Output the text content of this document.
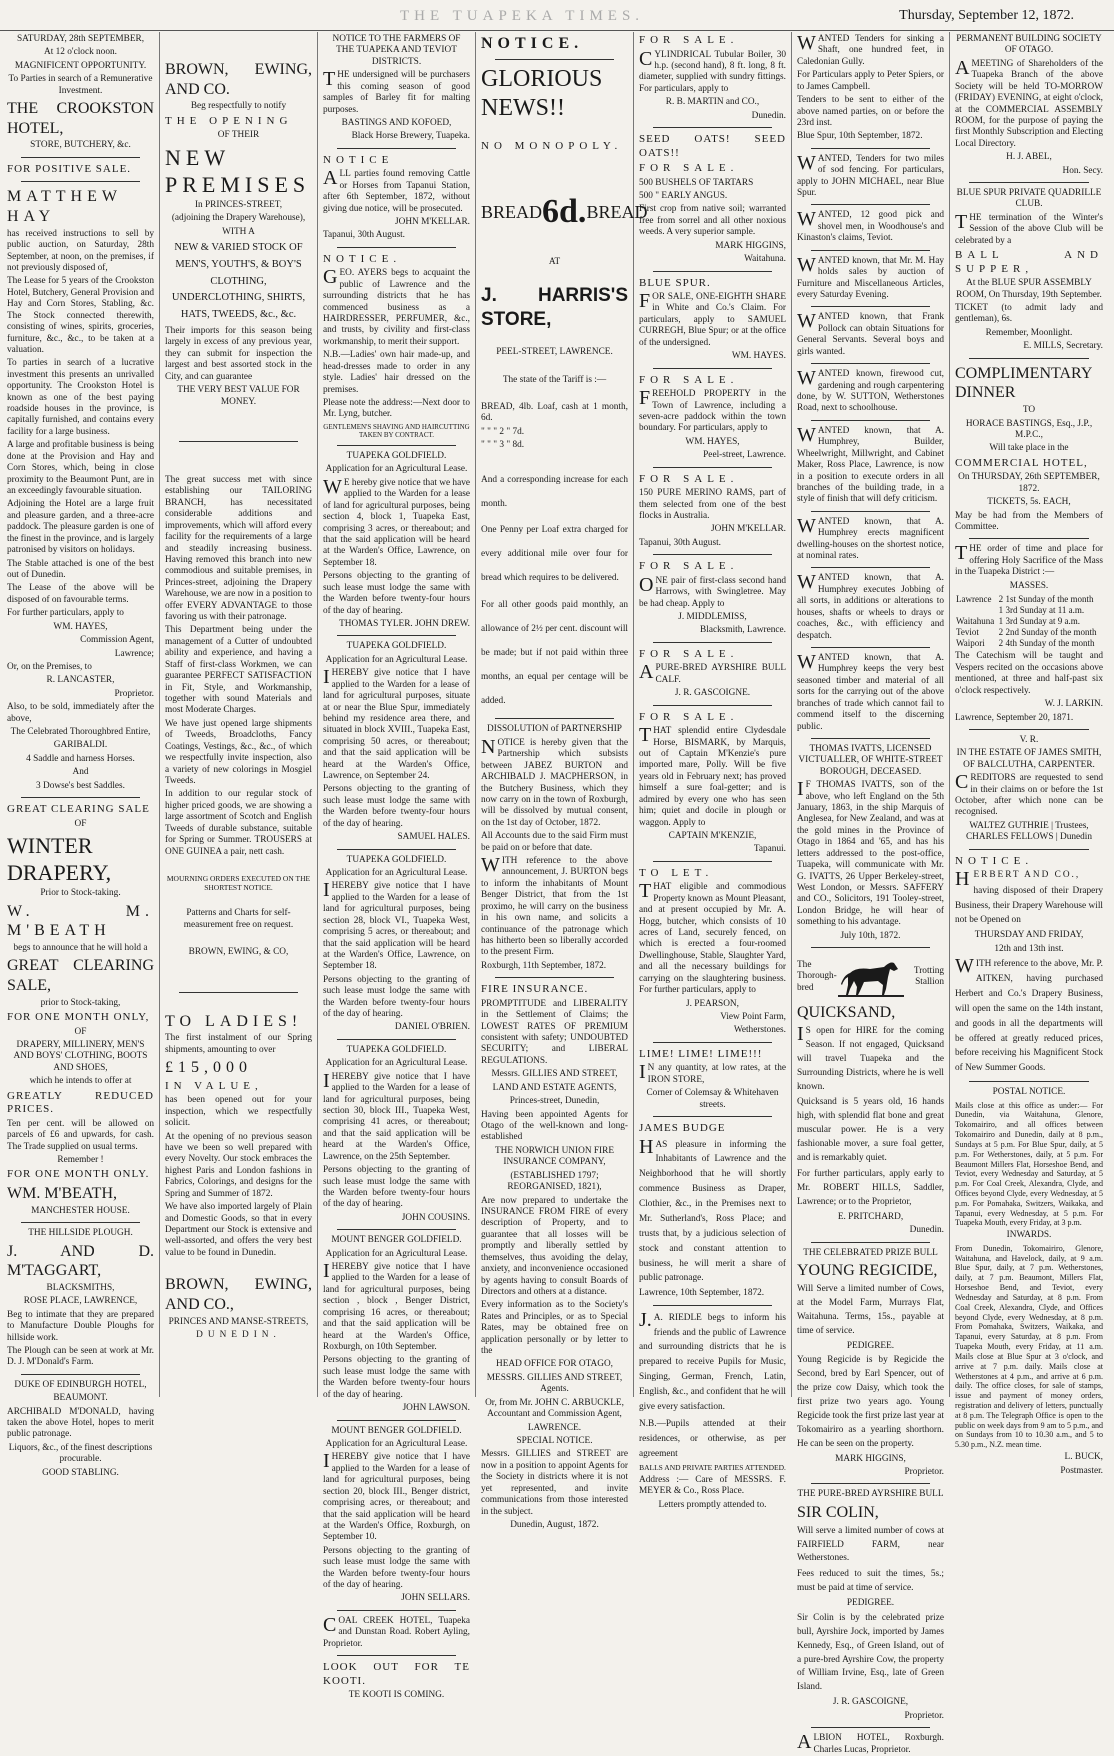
THE TUAPEKA TIMES.	Thursday, September 12, 1872.

SATURDAY, 28th SEPTEMBER,

At 12 o'clock noon.

MAGNIFICENT OPPORTUNITY.

To Parties in search of a Remunerative Investment.

THE CROOKSTON HOTEL,

STORE, BUTCHERY, &c.

FOR POSITIVE SALE.

MATTHEW HAY

has received instructions to sell by public auction, on Saturday, 28th September, at noon, on the premises, if not previously disposed of,

The Lease for 5 years of the Crookston Hotel, Butchery, General Provision and Hay and Corn Stores, Stabling, &c. The Stock connected therewith, consisting of wines, spirits, groceries, furniture, &c., &c., to be taken at a valuation.

To parties in search of a lucrative investment this presents an unrivalled opportunity. The Crookston Hotel is known as one of the best paying roadside houses in the province, is capitally furnished, and contains every facility for a large business.

A large and profitable business is being done at the Provision and Hay and Corn Stores, which, being in close proximity to the Beaumont Punt, are in an exceedingly favourable situation.

Adjoining the Hotel are a large fruit and pleasure garden, and a three-acre paddock. The pleasure garden is one of the finest in the province, and is largely patronised by visitors on holidays.

The Stable attached is one of the best out of Dunedin.

The Lease of the above will be disposed of on favourable terms.

For further particulars, apply to

WM. HAYES,

Commission Agent,

Lawrence;

Or, on the Premises, to

R. LANCASTER,

Proprietor.

Also, to be sold, immediately after the above,

The Celebrated Thoroughbred Entire,

GARIBALDI.

4 Saddle and harness Horses.

And

3 Dowse's best Saddles.

GREAT CLEARING SALE

OF

WINTER DRAPERY,

Prior to Stock-taking.

W. M. M'BEATH

begs to announce that he will hold a

GREAT CLEARING SALE,

prior to Stock-taking,

FOR ONE MONTH ONLY,

OF

DRAPERY, MILLINERY, MEN'S AND BOYS' CLOTHING, BOOTS AND SHOES,

which he intends to offer at

GREATLY REDUCED PRICES.

Ten per cent. will be allowed on parcels of £6 and upwards, for cash. The Trade supplied on usual terms.

Remember !

FOR ONE MONTH ONLY.

WM. M'BEATH,

MANCHESTER HOUSE.

THE HILLSIDE PLOUGH.

J. AND D. M'TAGGART,

BLACKSMITHS,

ROSE PLACE, LAWRENCE,

Beg to intimate that they are prepared to Manufacture Double Ploughs for hillside work.

The Plough can be seen at work at Mr. D. J. M'Donald's Farm.

DUKE OF EDINBURGH HOTEL,

BEAUMONT.

ARCHIBALD M'DONALD, having taken the above Hotel, hopes to merit public patronage.

Liquors, &c., of the finest descriptions procurable.

GOOD STABLING.

BROWN, EWING, AND CO.

Beg respectfully to notify

THE OPENING

OF THEIR

NEW PREMISES

In PRINCES-STREET,

(adjoining the Drapery Warehouse),

WITH A

NEW & VARIED STOCK OF MEN'S, YOUTH'S, & BOY'S CLOTHING, UNDERCLOTHING, SHIRTS, HATS, TWEEDS, &c., &c.

Their imports for this season being largely in excess of any previous year, they can submit for inspection the largest and best assorted stock in the City, and can guarantee

THE VERY BEST VALUE FOR MONEY.

The great success met with since establishing our TAILORING BRANCH, has necessitated considerable additions and improvements, which will afford every facility for the requirements of a large and steadily increasing business. Having removed this branch into new commodious and suitable premises, in Princes-street, adjoining the Drapery Warehouse, we are now in a position to offer EVERY ADVANTAGE to those favoring us with their patronage.

This Department being under the management of a Cutter of undoubted ability and experience, and having a Staff of first-class Workmen, we can guarantee PERFECT SATISFACTION in Fit, Style, and Workmanship, together with sound Materials and most Moderate Charges.

We have just opened large shipments of Tweeds, Broadcloths, Fancy Coatings, Vestings, &c., &c., of which we respectfully invite inspection, also a variety of new colorings in Mosgiel Tweeds.

In addition to our regular stock of higher priced goods, we are showing a large assortment of Scotch and English Tweeds of durable substance, suitable for Spring or Summer. TROUSERS at ONE GUINEA a pair, nett cash.

MOURNING ORDERS EXECUTED ON THE SHORTEST NOTICE.

Patterns and Charts for self-measurement free on request.

BROWN, EWING, & CO,

TO LADIES!

The first instalment of our Spring shipments, amounting to over

£15,000

IN VALUE,

has been opened out for your inspection, which we respectfully solicit.

At the opening of no previous season have we been so well prepared with every Novelty. Our stock embraces the highest Paris and London fashions in Fabrics, Colorings, and designs for the Spring and Summer of 1872.

We have also imported largely of Plain and Domestic Goods, so that in every Department our Stock is extensive and well-assorted, and offers the very best value to be found in Dunedin.

BROWN, EWING, AND CO.,

PRINCES AND MANSE-STREETS,

DUNEDIN.

NOTICE TO THE FARMERS OF THE TUAPEKA AND TEVIOT DISTRICTS.

THE undersigned will be purchasers this coming season of good samples of Barley fit for malting purposes.

BASTINGS AND KOFOED,

Black Horse Brewery, Tuapeka.

NOTICE

ALL parties found removing Cattle or Horses from Tapanui Station, after 6th September, 1872, without giving due notice, will be prosecuted.

JOHN M'KELLAR.

Tapanui, 30th August.

NOTICE.

GEO. AYERS begs to acquaint the public of Lawrence and the surrounding districts that he has commenced business as a HAIRDRESSER, PERFUMER, &c., and trusts, by civility and first-class workmanship, to merit their support.

N.B.—Ladies' own hair made-up, and head-dresses made to order in any style. Ladies' hair dressed on the premises.

Please note the address:—Next door to Mr. Lyng, butcher.

GENTLEMEN'S SHAVING AND HAIRCUTTING TAKEN BY CONTRACT.

TUAPEKA GOLDFIELD.

Application for an Agricultural Lease.

WE hereby give notice that we have applied to the Warden for a lease of land for agricultural purposes, being section 4, block 1, Tuapeka East, comprising 3 acres, or thereabout; and that the said application will be heard at the Warden's Office, Lawrence, on September 18.

Persons objecting to the granting of such lease must lodge the same with the Warden before twenty-four hours of the day of hearing.

THOMAS TYLER. JOHN DREW.

TUAPEKA GOLDFIELD.

Application for an Agricultural Lease.

IHEREBY give notice that I have applied to the Warden for a lease of land for agricultural purposes, situate at or near the Blue Spur, immediately behind my residence area there, and situated in block XVIII., Tuapeka East, comprising 50 acres, or thereabout; and that the said application will be heard at the Warden's Office, Lawrence, on September 24.

Persons objecting to the granting of such lease must lodge the same with the Warden before twenty-four hours of the day of hearing.

SAMUEL HALES.

TUAPEKA GOLDFIELD.

Application for an Agricultural Lease.

IHEREBY give notice that I have applied to the Warden for a lease of land for agricultural purposes, being section 28, block VI., Tuapeka West, comprising 5 acres, or thereabout; and that the said application will be heard at the Warden's Office, Lawrence, on September 18.

Persons objecting to the granting of such lease must lodge the same with the Warden before twenty-four hours of the day of hearing.

DANIEL O'BRIEN.

TUAPEKA GOLDFIELD.

Application for an Agricultural Lease.

IHEREBY give notice that I have applied to the Warden for a lease of land for agricultural purposes, being section 30, block III., Tuapeka West, comprising 41 acres, or thereabout; and that the said application will be heard at the Warden's Office, Lawrence, on the 25th September.

Persons objecting to the granting of such lease must lodge the same with the Warden before twenty-four hours of the day of hearing.

JOHN COUSINS.

MOUNT BENGER GOLDFIELD.

Application for an Agricultural Lease.

IHEREBY give notice that I have applied to the Warden for a lease of land for agricultural purposes, being section , block , Benger District, comprising 16 acres, or thereabout; and that the said application will be heard at the Warden's Office, Roxburgh, on 10th September.

Persons objecting to the granting of such lease must lodge the same with the Warden before twenty-four hours of the day of hearing.

JOHN LAWSON.

MOUNT BENGER GOLDFIELD.

Application for an Agricultural Lease.

IHEREBY give notice that I have applied to the Warden for a lease of land for agricultural purposes, being section 20, block III., Benger district, comprising acres, or thereabout; and that the said application will be heard at the Warden's Office, Roxburgh, on September 10.

Persons objecting to the granting of such lease must lodge the same with the Warden before twenty-four hours of the day of hearing.

JOHN SELLARS.

COAL CREEK HOTEL, Tuapeka and Dunstan Road. Robert Ayling, Proprietor.

LOOK OUT FOR TE KOOTI.

TE KOOTI IS COMING.

NOTICE.

GLORIOUS NEWS!!

NO MONOPOLY.

BREAD 6d. BREAD

AT

J. HARRIS'S STORE,

PEEL-STREET, LAWRENCE.

The state of the Tariff is :—

BREAD, 4lb. Loaf, cash at 1 month, 6d.

" " " 2 " 7d.

" " " 3 " 8d.

And a corresponding increase for each month.

One Penny per Loaf extra charged for every additional mile over four for bread which requires to be delivered.

For all other goods paid monthly, an allowance of 2½ per cent. discount will be made; but if not paid within three months, an equal per centage will be added.

DISSOLUTION of PARTNERSHIP

NOTICE is hereby given that the Partnership which subsists between JABEZ BURTON and ARCHIBALD J. MACPHERSON, in the Butchery Business, which they now carry on in the town of Roxburgh, will be dissolved by mutual consent, on the 1st day of October, 1872.

All Accounts due to the said Firm must be paid on or before that date.

WITH reference to the above announcement, J. BURTON begs to inform the inhabitants of Mount Benger District, that from the 1st proximo, he will carry on the business in his own name, and solicits a continuance of the patronage which has hitherto been so liberally accorded to the present Firm.

Roxburgh, 11th September, 1872.

FIRE INSURANCE.

PROMPTITUDE and LIBERALITY in the Settlement of Claims; the LOWEST RATES OF PREMIUM consistent with safety; UNDOUBTED SECURITY; and LIBERAL REGULATIONS.

Messrs. GILLIES AND STREET,

LAND AND ESTATE AGENTS,

Princes-street, Dunedin,

Having been appointed Agents for Otago of the well-known and long-established

THE NORWICH UNION FIRE INSURANCE COMPANY,

(ESTABLISHED 1797; REORGANISED, 1821),

Are now prepared to undertake the INSURANCE FROM FIRE of every description of Property, and to guarantee that all losses will be promptly and liberally settled by themselves, thus avoiding the delay, anxiety, and inconvenience occasioned by agents having to consult Boards of Directors and others at a distance.

Every information as to the Society's Rates and Principles, or as to Special Rates, may be obtained free on application personally or by letter to the

HEAD OFFICE FOR OTAGO,

MESSRS. GILLIES AND STREET, Agents.

Or, from Mr. JOHN C. ARBUCKLE, Accountant and Commission Agent,

LAWRENCE.

SPECIAL NOTICE.

Messrs. GILLIES and STREET are now in a position to appoint Agents for the Society in districts where it is not yet represented, and invite communications from those interested in the subject.

Dunedin, August, 1872.

FOR SALE.

CYLINDRICAL Tubular Boiler, 30 h.p. (second hand), 8 ft. long, 8 ft. diameter, supplied with sundry fittings. For particulars, apply to

R. B. MARTIN and CO.,

Dunedin.

SEED OATS! SEED OATS!!

FOR SALE.

500 BUSHELS OF TARTARS

500 " EARLY ANGUS.

First crop from native soil; warranted free from sorrel and all other noxious weeds. A very superior sample.

MARK HIGGINS,

Waitahuna.

BLUE SPUR.

FOR SALE, ONE-EIGHTH SHARE in White and Co.'s Claim. For particulars, apply to SAMUEL CURREGH, Blue Spur; or at the office of the undersigned.

WM. HAYES.

FOR SALE.

FREEHOLD PROPERTY in the Town of Lawrence, including a seven-acre paddock within the town boundary. For particulars, apply to

WM. HAYES,

Peel-street, Lawrence.

FOR SALE.

150 PURE MERINO RAMS, part of them selected from one of the best flocks in Australia.

JOHN M'KELLAR.

Tapanui, 30th August.

FOR SALE.

ONE pair of first-class second hand Harrows, with Swingletree. May be had cheap. Apply to

J. MIDDLEMISS,

Blacksmith, Lawrence.

FOR SALE.

APURE-BRED AYRSHIRE BULL CALF.

J. R. GASCOIGNE.

FOR SALE.

THAT splendid entire Clydesdale Horse, BISMARK, by Marquis, out of Captain M'Kenzie's pure imported mare, Polly. Will be five years old in February next; has proved himself a sure foal-getter; and is admired by every one who has seen him; quiet and docile in plough or waggon. Apply to

CAPTAIN M'KENZIE,

Tapanui.

TO LET.

THAT eligible and commodious Property known as Mount Pleasant, and at present occupied by Mr. A. Hogg, butcher, which consists of 10 acres of Land, securely fenced, on which is erected a four-roomed Dwellinghouse, Stable, Slaughter Yard, and all the necessary buildings for carrying on the slaughtering business. For further particulars, apply to

J. PEARSON,

View Point Farm,

Wetherstones.

LIME! LIME! LIME!!!

IN any quantity, at low rates, at the IRON STORE,

Corner of Colemsay & Whitehaven streets.

JAMES BUDGE

HAS pleasure in informing the Inhabitants of Lawrence and the Neighborhood that he will shortly commence Business as Draper, Clothier, &c., in the Premises next to Mr. Sutherland's, Ross Place; and trusts that, by a judicious selection of stock and constant attention to business, he will merit a share of public patronage.

Lawrence, 10th September, 1872.

J.A. RIEDLE begs to inform his friends and the public of Lawrence and surrounding districts that he is prepared to receive Pupils for Music, Singing, German, French, Latin, English, &c., and confident that he will give every satisfaction.

N.B.—Pupils attended at their residences, or otherwise, as per agreement

BALLS AND PRIVATE PARTIES ATTENDED.

Address :— Care of MESSRS. F. MEYER & Co., Ross Place.

Letters promptly attended to.

WANTED Tenders for sinking a Shaft, one hundred feet, in Caledonian Gully.

For Particulars apply to Peter Spiers, or to James Campbell.

Tenders to be sent to either of the above named parties, on or before the 23rd inst.

Blue Spur, 10th September, 1872.

WANTED, Tenders for two miles of sod fencing. For particulars, apply to JOHN MICHAEL, near Blue Spur.

WANTED, 12 good pick and shovel men, in Woodhouse's and Kinaston's claims, Teviot.

WANTED known, that Mr. M. Hay holds sales by auction of Furniture and Miscellaneous Articles, every Saturday Evening.

WANTED known, that Frank Pollock can obtain Situations for General Servants. Several boys and girls wanted.

WANTED known, firewood cut, gardening and rough carpentering done, by W. SUTTON, Wetherstones Road, next to schoolhouse.

WANTED known, that A. Humphrey, Builder, Wheelwright, Millwright, and Cabinet Maker, Ross Place, Lawrence, is now in a position to execute orders in all branches of the building trade, in a style of finish that will defy criticism.

WANTED known, that A. Humphrey erects magnificent dwelling-houses on the shortest notice, at nominal rates.

WANTED known, that A. Humphrey executes Jobbing of all sorts, in additions or alterations to houses, shafts or wheels to drays or coaches, &c., with efficiency and despatch.

WANTED known, that A. Humphrey keeps the very best seasoned timber and material of all sorts for the carrying out of the above branches of trade which cannot fail to commend itself to the discerning public.

THOMAS IVATTS, LICENSED VICTUALLER, OF WHITE-STREET BOROUGH, DECEASED.

IF THOMAS IVATTS, son of the above, who left England on the 5th January, 1863, in the ship Marquis of Anglesea, for New Zealand, and was at the gold mines in the Province of Otago in 1864 and '65, and has his letters addressed to the post-office, Tuapeka, will communicate with Mr. G. IVATTS, 26 Upper Berkeley-street, West London, or Messrs. SAFFERY and CO., Solicitors, 191 Tooley-street, London Bridge, he will hear of something to his advantage.

July 10th, 1872.

The
Thorough-bred
Trotting
Stallion

QUICKSAND,

IS open for HIRE for the coming Season. If not engaged, Quicksand will travel Tuapeka and the Surrounding Districts, where he is well known.

Quicksand is 5 years old, 16 hands high, with splendid flat bone and great muscular power. He is a very fashionable mover, a sure foal getter, and is remarkably quiet.

For further particulars, apply early to Mr. ROBERT HILLS, Saddler, Lawrence; or to the Proprietor,

E. PRITCHARD,

Dunedin.

THE CELEBRATED PRIZE BULL

YOUNG REGICIDE,

Will Serve a limited number of Cows, at the Model Farm, Murrays Flat, Waitahuna. Terms, 15s., payable at time of service.

PEDIGREE.

Young Regicide is by Regicide the Second, bred by Earl Spencer, out of the prize cow Daisy, which took the first prize two years ago. Young Regicide took the first prize last year at Tokomairiro as a yearling shorthorn. He can be seen on the property.

MARK HIGGINS,

Proprietor.

THE PURE-BRED AYRSHIRE BULL

SIR COLIN,

Will serve a limited number of cows at FAIRFIELD FARM, near Wetherstones.

Fees reduced to suit the times, 5s.; must be paid at time of service.

PEDIGREE.

Sir Colin is by the celebrated prize bull, Ayrshire Jock, imported by James Kennedy, Esq., of Green Island, out of a pure-bred Ayrshire Cow, the property of William Irvine, Esq., late of Green Island.

J. R. GASCOIGNE,

Proprietor.

ALBION HOTEL, Roxburgh. Charles Lucas, Proprietor.

PERMANENT BUILDING SOCIETY OF OTAGO.

AMEETING of Shareholders of the Tuapeka Branch of the above Society will be held TO-MORROW (FRIDAY) EVENING, at eight o'clock, at the COMMERCIAL ASSEMBLY ROOM, for the purpose of paying the first Monthly Subscription and Electing Local Directory.

H. J. ABEL,

Hon. Secy.

BLUE SPUR PRIVATE QUADRILLE CLUB.

THE termination of the Winter's Session of the above Club will be celebrated by a

BALL AND SUPPER,

At the BLUE SPUR ASSEMBLY ROOM, On Thursday, 19th September.

TICKET (to admit lady and gentleman), 6s.

Remember, Moonlight.

E. MILLS, Secretary.

COMPLIMENTARY DINNER

TO

HORACE BASTINGS, Esq., J.P., M.P.C.,

Will take place in the

COMMERCIAL HOTEL,

On THURSDAY, 26th SEPTEMBER, 1872.

TICKETS, 5s. EACH,

May be had from the Members of Committee.

THE order of time and place for offering Holy Sacrifice of the Mass in the Tuapeka District :—

MASSES.

Lawrence	2	1st Sunday of the month
	1	3rd Sunday at 11 a.m.
Waitahuna	1	3rd Sunday at 9 a.m.
Teviot	2	2nd Sunday of the month
Waipori	2	4th Sunday of the month

The Catechism will be taught and Vespers recited on the occasions above mentioned, at three and half-past six o'clock respectively.

W. J. LARKIN.

Lawrence, September 20, 1871.

V. R.

IN THE ESTATE OF JAMES SMITH, OF BALCLUTHA, CARPENTER.

CREDITORS are requested to send in their claims on or before the 1st October, after which none can be recognised.

WALTEZ GUTHRIE | Trustees, CHARLES FELLOWS | Dunedin

NOTICE.

HERBERT AND CO.,

having disposed of their Drapery Business, their Drapery Warehouse will not be Opened on

THURSDAY AND FRIDAY,

12th and 13th inst.

WITH reference to the above, Mr. P. AITKEN, having purchased Herbert and Co.'s Drapery Business, will open the same on the 14th instant, and goods in all the departments will be offered at greatly reduced prices, before receiving his Magnificent Stock of New Summer Goods.

POSTAL NOTICE.

Mails close at this office as under:— For Dunedin, via Waitahuna, Glenore, Tokomairiro, and all offices between Tokomairiro and Dunedin, daily at 8 p.m., Sundays at 5 p.m. For Blue Spur, daily, at 5 p.m. For Wetherstones, daily, at 5 p.m. For Beaumont Millers Flat, Horseshoe Bend, and Teviot, every Wednesday and Saturday, at 5 p.m. For Coal Creek, Alexandra, Clyde, and Offices beyond Clyde, every Wednesday, at 5 p.m. For Pomahaka, Switzers, Waikaka, and Tapanui, every Wednesday, at 5 p.m. For Tuapeka Mouth, every Friday, at 3 p.m.

INWARDS.

From Dunedin, Tokomairiro, Glenore, Waitahuna, and Havelock, daily, at 9 a.m. Blue Spur, daily, at 7 p.m. Wetherstones, daily, at 7 p.m. Beaumont, Millers Flat, Horseshoe Bend, and Teviot, every Wednesday and Saturday, at 8 p.m. From Coal Creek, Alexandra, Clyde, and Offices beyond Clyde, every Wednesday, at 8 p.m. From Pomahaka, Switzers, Waikaka, and Tapanui, every Saturday, at 8 p.m. From Tuapeka Mouth, every Friday, at 11 a.m. Mails close at Blue Spur at 3 o'clock, and arrive at 7 p.m. daily. Mails close at Wetherstones at 4 p.m., and arrive at 6 p.m. daily. The office closes, for sale of stamps, issue and payment of money orders, registration and delivery of letters, punctually at 8 p.m. The Telegraph Office is open to the public on week days from 9 am to 5 p.m., and on Sundays from 10 to 10.30 a.m., and 5 to 5.30 p.m., N.Z. mean time.

L. BUCK,

Postmaster.
